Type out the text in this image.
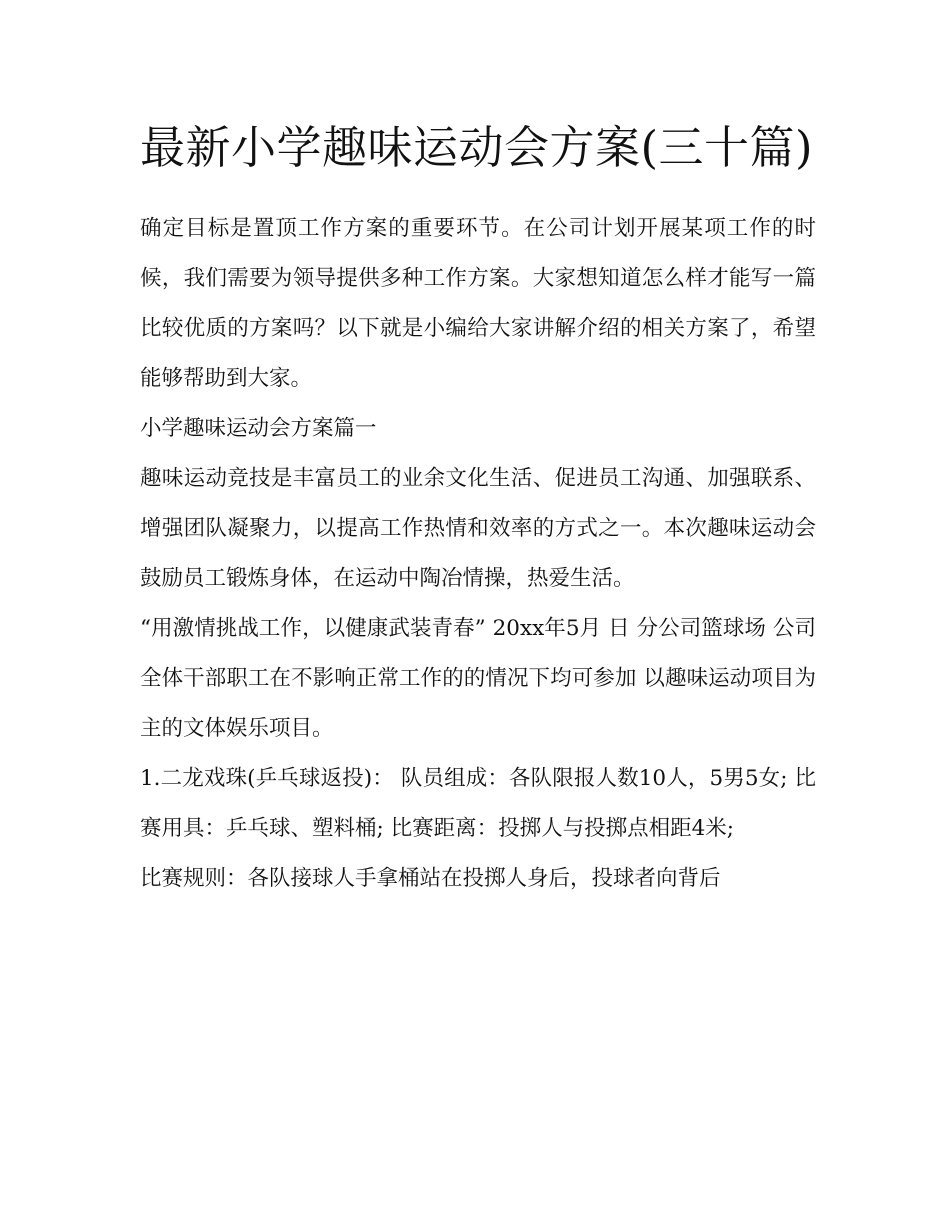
最新小学趣味运动会方案(三十篇)

确定目标是置顶工作方案的重要环节。在公司计划开展某项工作的时候，我们需要为领导提供多种工作方案。大家想知道怎么样才能写一篇比较优质的方案吗？以下就是小编给大家讲解介绍的相关方案了，希望能够帮助到大家。

小学趣味运动会方案篇一

趣味运动竞技是丰富员工的业余文化生活、促进员工沟通、加强联系、增强团队凝聚力，以提高工作热情和效率的方式之一。本次趣味运动会鼓励员工锻炼身体，在运动中陶冶情操，热爱生活。

“用激情挑战工作，以健康武装青春” 20xx年5月 日 分公司篮球场 公司全体干部职工在不影响正常工作的的情况下均可参加 以趣味运动项目为主的文体娱乐项目。

1.二龙戏珠(乒乓球返投)： 队员组成：各队限报人数10人，5男5女; 比赛用具：乒乓球、塑料桶; 比赛距离：投掷人与投掷点相距4米;

比赛规则：各队接球人手拿桶站在投掷人身后，投球者向背后
